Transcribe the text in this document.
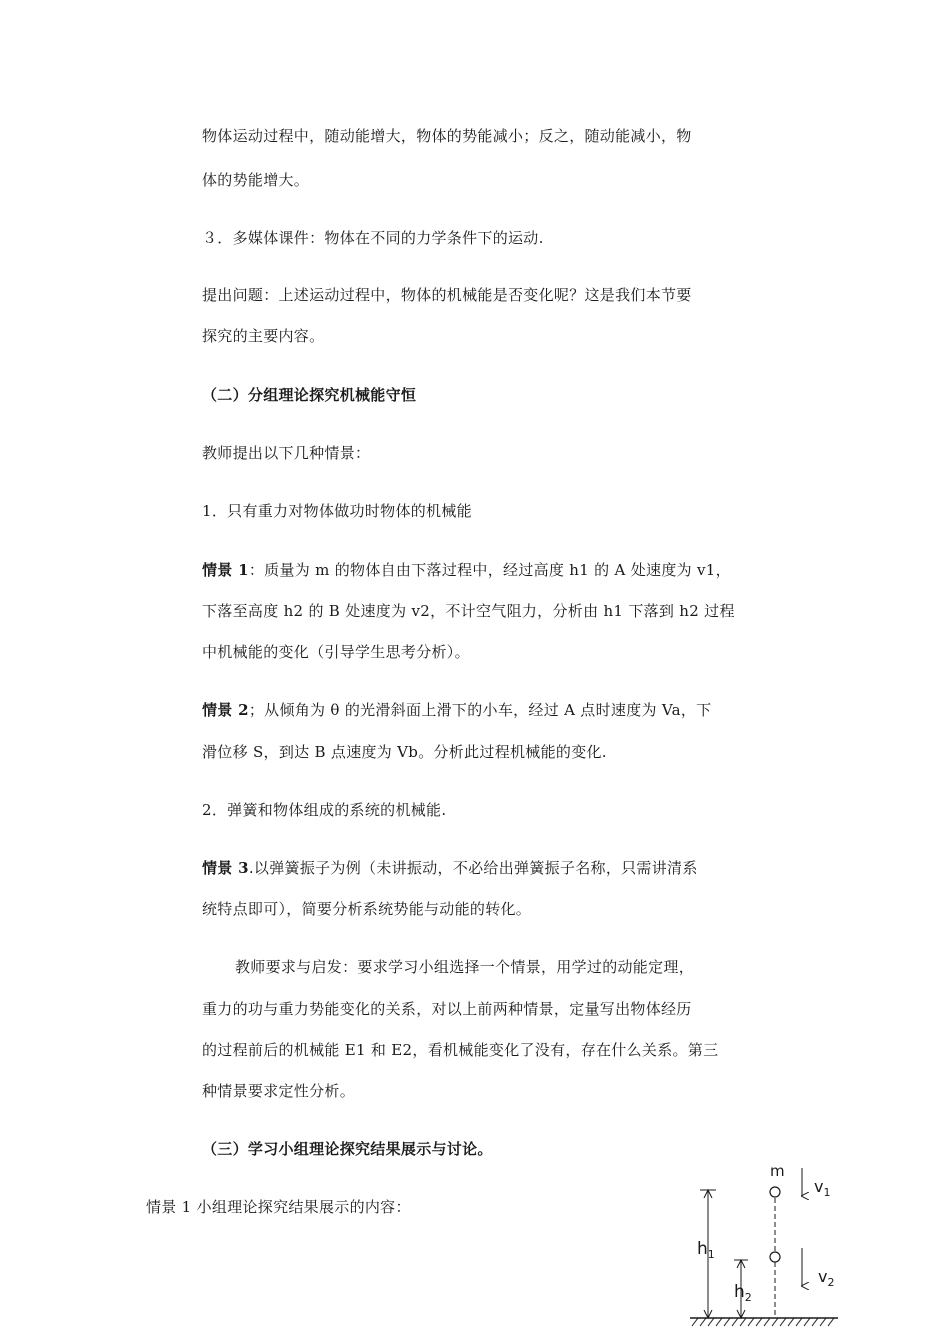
物体运动过程中，随动能增大，物体的势能减小；反之，随动能减小，物
体的势能增大。
３．多媒体课件：物体在不同的力学条件下的运动.
提出问题：上述运动过程中，物体的机械能是否变化呢？这是我们本节要
探究的主要内容。
（二）分组理论探究机械能守恒
教师提出以下几种情景：
1．只有重力对物体做功时物体的机械能
情景 1：质量为 m 的物体自由下落过程中，经过高度 h1 的 A 处速度为 v1，
下落至高度 h2 的 B 处速度为 v2，不计空气阻力，分析由 h1 下落到 h2 过程
中机械能的变化（引导学生思考分析）。
情景 2；从倾角为 θ 的光滑斜面上滑下的小车，经过 A 点时速度为 Va，下
滑位移 S，到达 B 点速度为 Vb。分析此过程机械能的变化.
2．弹簧和物体组成的系统的机械能.
情景 3.以弹簧振子为例（未讲振动，不必给出弹簧振子名称，只需讲清系
统特点即可），简要分析系统势能与动能的转化。
教师要求与启发：要求学习小组选择一个情景，用学过的动能定理，
重力的功与重力势能变化的关系，对以上前两种情景，定量写出物体经历
的过程前后的机械能 E1 和 E2，看机械能变化了没有，存在什么关系。第三
种情景要求定性分析。
（三）学习小组理论探究结果展示与讨论。
情景 1 小组理论探究结果展示的内容：
$h_1$
$h_2$
m
$v_1$
$v_2$
